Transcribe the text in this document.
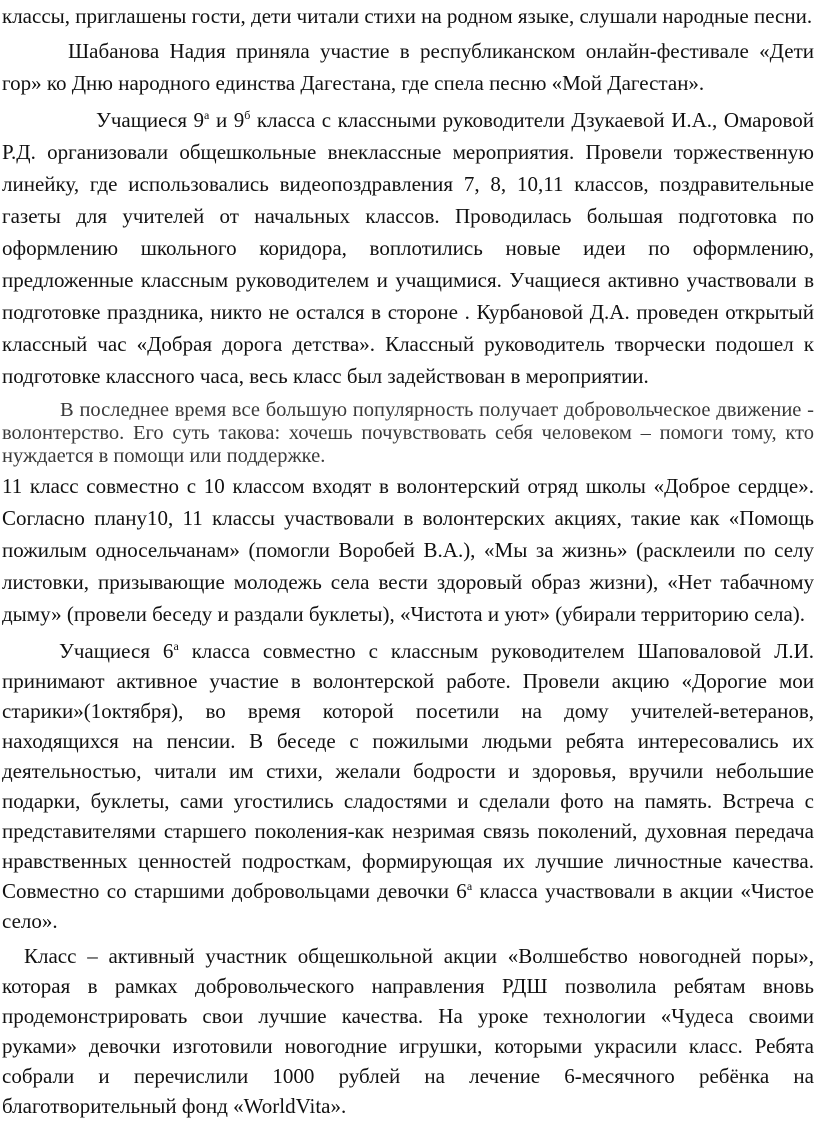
классы, приглашены гости, дети читали стихи на родном языке, слушали народные песни.

Шабанова Надия приняла участие в республиканском онлайн-фестивале «Дети гор» ко Дню народного единства Дагестана, где спела песню «Мой Дагестан».

Учащиеся $9^а$ и $9^б$ класса с классными руководители Дзукаевой И.А., Омаровой Р.Д. организовали общешкольные внеклассные мероприятия. Провели торжественную линейку, где использовались видеопоздравления 7, 8, 10,11 классов, поздравительные газеты для учителей от начальных классов. Проводилась большая подготовка по оформлению школьного коридора, воплотились новые идеи по оформлению, предложенные классным руководителем и учащимися. Учащиеся активно участвовали в подготовке праздника, никто не остался в стороне . Курбановой Д.А. проведен открытый классный час «Добрая дорога детства». Классный руководитель творчески подошел к подготовке классного часа, весь класс был задействован в мероприятии.

В последнее время все большую популярность получает добровольческое движение - волонтерство. Его суть такова: хочешь почувствовать себя человеком – помоги тому, кто нуждается в помощи или поддержке.

11 класс совместно с 10 классом входят в волонтерский отряд школы «Доброе сердце». Согласно плану10, 11 классы участвовали в волонтерских акциях, такие как «Помощь пожилым односельчанам» (помогли Воробей В.А.), «Мы за жизнь» (расклеили по селу листовки, призывающие молодежь села вести здоровый образ жизни), «Нет табачному дыму» (провели беседу и раздали буклеты), «Чистота и уют» (убирали территорию села).

Учащиеся $6^а$ класса совместно с классным руководителем Шаповаловой Л.И. принимают активное участие в волонтерской работе. Провели акцию «Дорогие мои старики»(1октября), во время которой посетили на дому учителей-ветеранов, находящихся на пенсии. В беседе с пожилыми людьми ребята интересовались их деятельностью, читали им стихи, желали бодрости и здоровья, вручили небольшие подарки, буклеты, сами угостились сладостями и сделали фото на память. Встреча с представителями старшего поколения-как незримая связь поколений, духовная передача нравственных ценностей подросткам, формирующая их лучшие личностные качества. Совместно со старшими добровольцами девочки $6^а$ класса участвовали в акции «Чистое село».

Класс – активный участник общешкольной акции «Волшебство новогодней поры», которая в рамках добровольческого направления РДШ позволила ребятам вновь продемонстрировать свои лучшие качества. На уроке технологии «Чудеса своими руками» девочки изготовили новогодние игрушки, которыми украсили класс. Ребята собрали и перечислили 1000 рублей на лечение 6-месячного ребёнка на благотворительный фонд «WorldVita».
